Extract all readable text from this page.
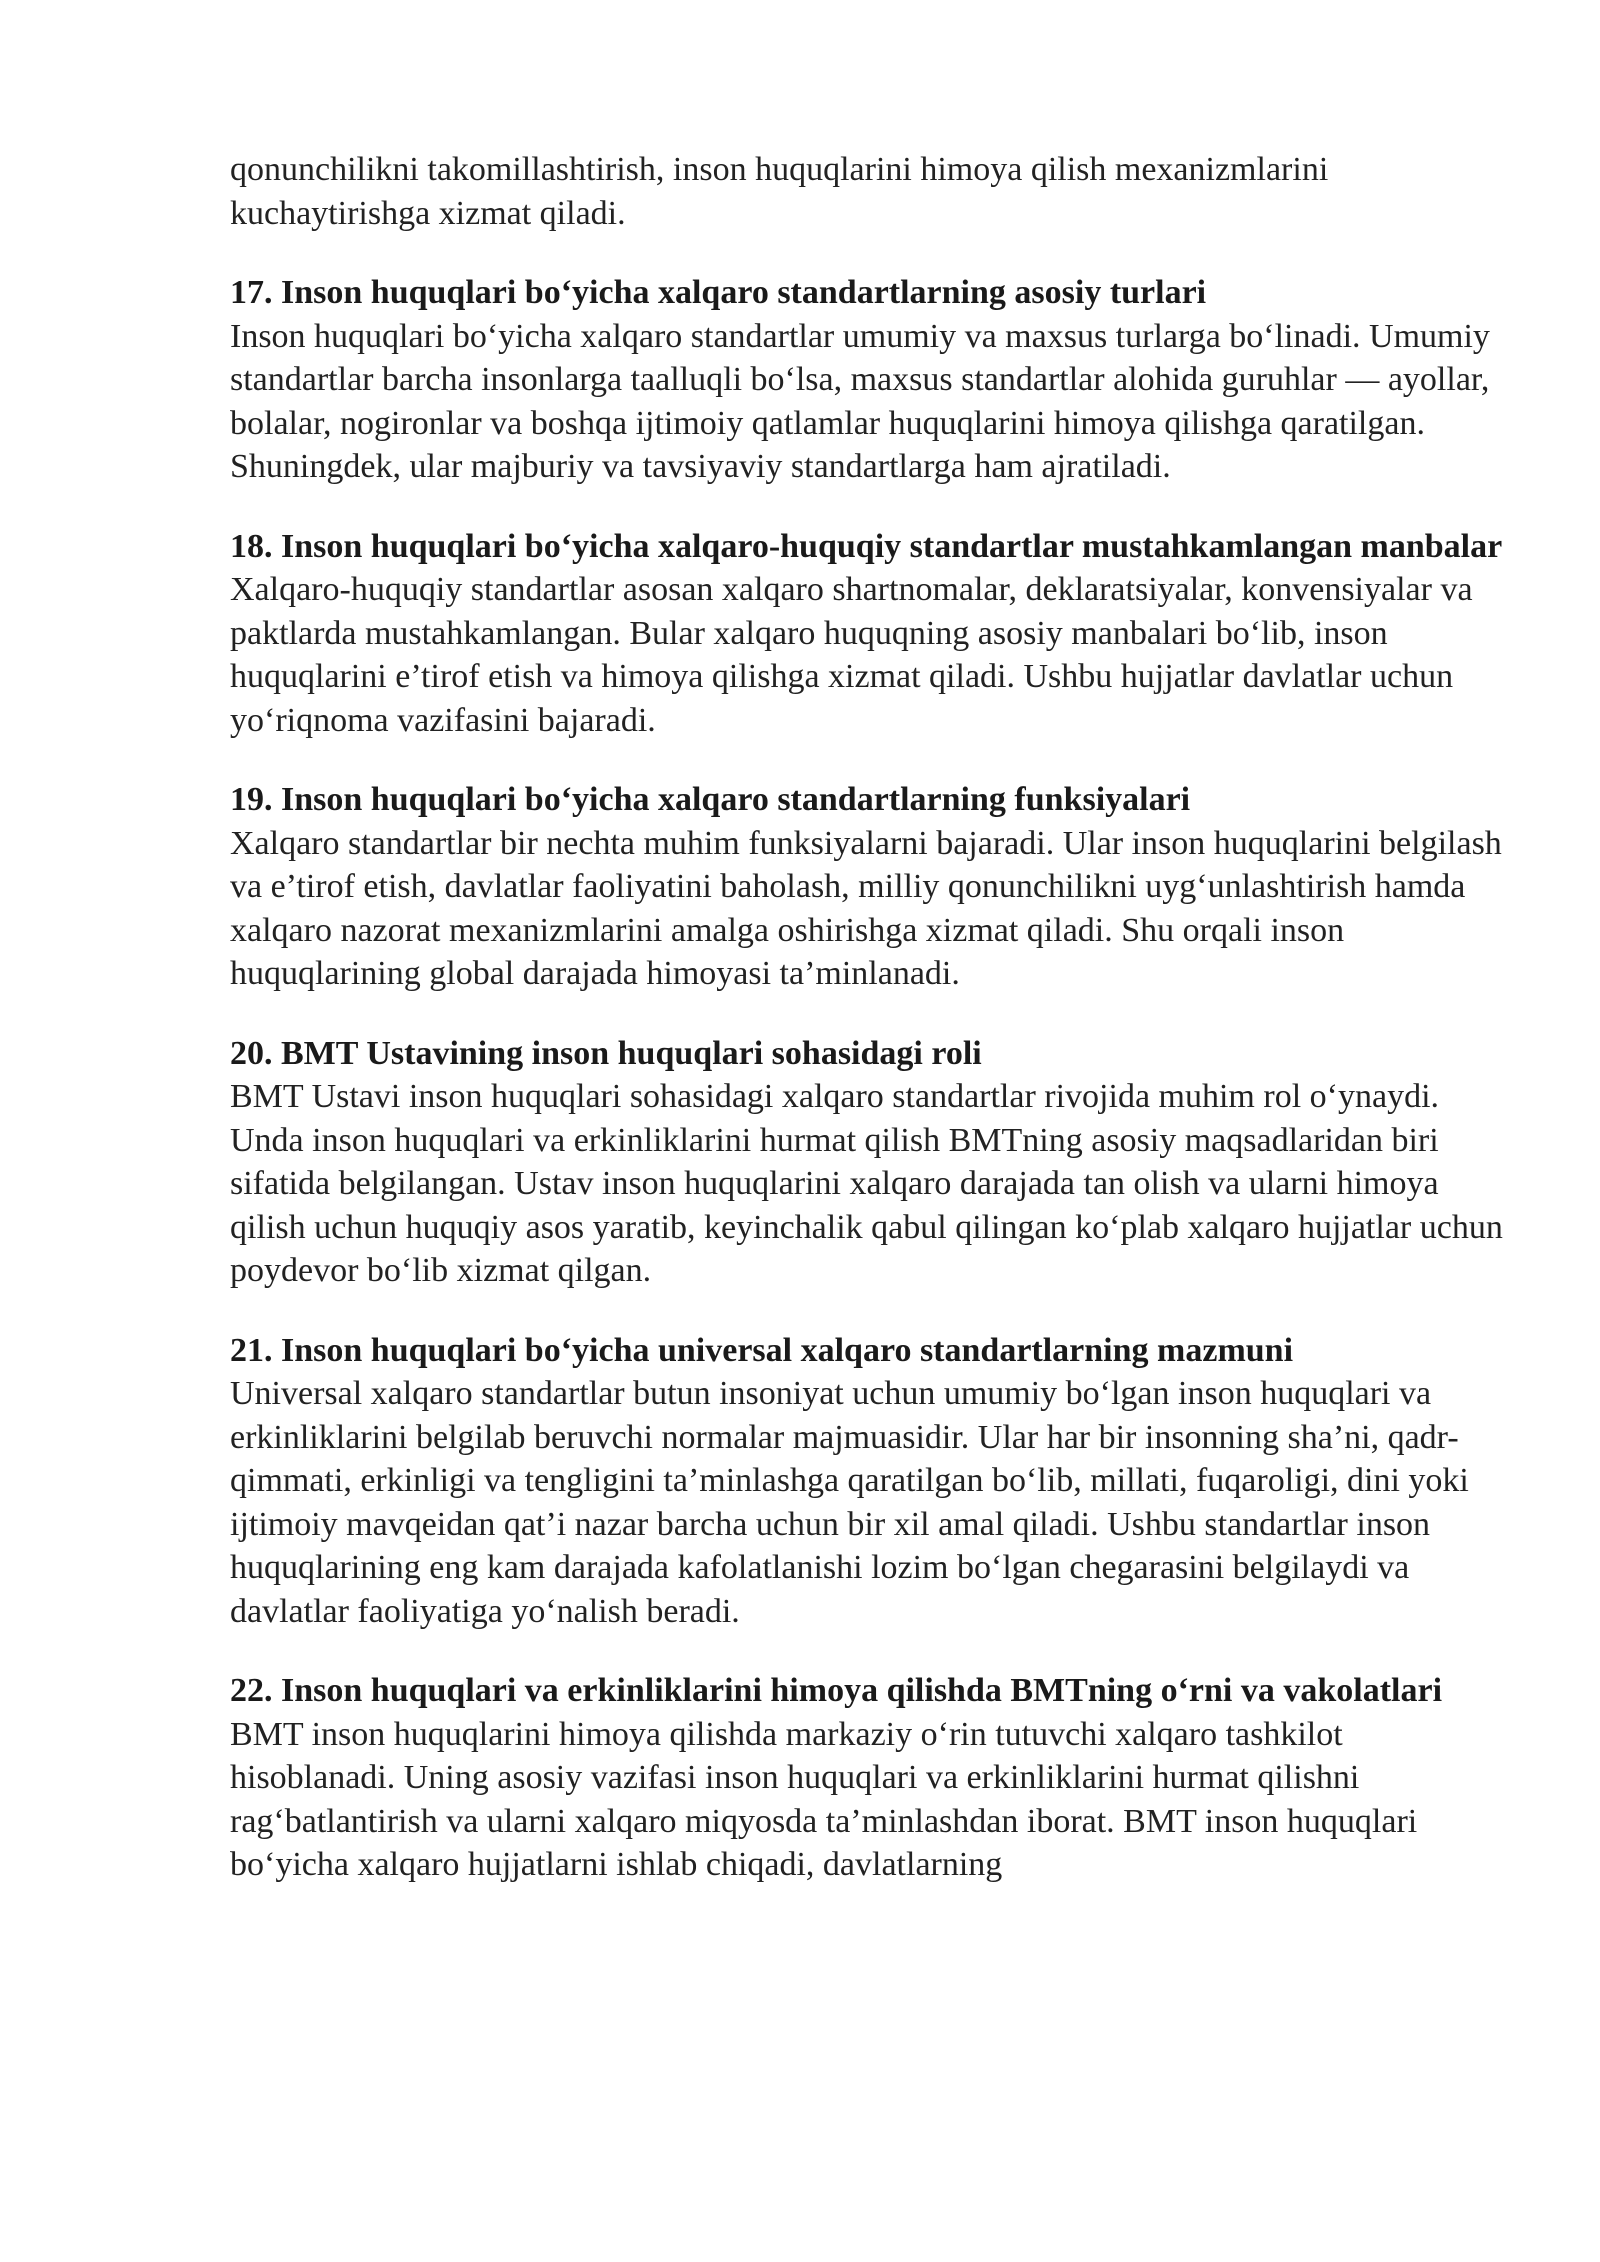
qonunchilikni takomillashtirish, inson huquqlarini himoya qilish mexanizmlarini kuchaytirishga xizmat qiladi.

17. Inson huquqlari bo‘yicha xalqaro standartlarning asosiy turlari

Inson huquqlari bo‘yicha xalqaro standartlar umumiy va maxsus turlarga bo‘linadi. Umumiy standartlar barcha insonlarga taalluqli bo‘lsa, maxsus standartlar alohida guruhlar — ayollar, bolalar, nogironlar va boshqa ijtimoiy qatlamlar huquqlarini himoya qilishga qaratilgan. Shuningdek, ular majburiy va tavsiyaviy standartlarga ham ajratiladi.

18. Inson huquqlari bo‘yicha xalqaro-huquqiy standartlar mustahkamlangan manbalar

Xalqaro-huquqiy standartlar asosan xalqaro shartnomalar, deklaratsiyalar, konvensiyalar va paktlarda mustahkamlangan. Bular xalqaro huquqning asosiy manbalari bo‘lib, inson huquqlarini e’tirof etish va himoya qilishga xizmat qiladi. Ushbu hujjatlar davlatlar uchun yo‘riqnoma vazifasini bajaradi.

19. Inson huquqlari bo‘yicha xalqaro standartlarning funksiyalari

Xalqaro standartlar bir nechta muhim funksiyalarni bajaradi. Ular inson huquqlarini belgilash va e’tirof etish, davlatlar faoliyatini baholash, milliy qonunchilikni uyg‘unlashtirish hamda xalqaro nazorat mexanizmlarini amalga oshirishga xizmat qiladi. Shu orqali inson huquqlarining global darajada himoyasi ta’minlanadi.

20. BMT Ustavining inson huquqlari sohasidagi roli

BMT Ustavi inson huquqlari sohasidagi xalqaro standartlar rivojida muhim rol o‘ynaydi. Unda inson huquqlari va erkinliklarini hurmat qilish BMTning asosiy maqsadlaridan biri sifatida belgilangan. Ustav inson huquqlarini xalqaro darajada tan olish va ularni himoya qilish uchun huquqiy asos yaratib, keyinchalik qabul qilingan ko‘plab xalqaro hujjatlar uchun poydevor bo‘lib xizmat qilgan.

21. Inson huquqlari bo‘yicha universal xalqaro standartlarning mazmuni

Universal xalqaro standartlar butun insoniyat uchun umumiy bo‘lgan inson huquqlari va erkinliklarini belgilab beruvchi normalar majmuasidir. Ular har bir insonning sha’ni, qadr-qimmati, erkinligi va tengligini ta’minlashga qaratilgan bo‘lib, millati, fuqaroligi, dini yoki ijtimoiy mavqeidan qat’i nazar barcha uchun bir xil amal qiladi. Ushbu standartlar inson huquqlarining eng kam darajada kafolatlanishi lozim bo‘lgan chegarasini belgilaydi va davlatlar faoliyatiga yo‘nalish beradi.

22. Inson huquqlari va erkinliklarini himoya qilishda BMTning o‘rni va vakolatlari

BMT inson huquqlarini himoya qilishda markaziy o‘rin tutuvchi xalqaro tashkilot hisoblanadi. Uning asosiy vazifasi inson huquqlari va erkinliklarini hurmat qilishni rag‘batlantirish va ularni xalqaro miqyosda ta’minlashdan iborat. BMT inson huquqlari bo‘yicha xalqaro hujjatlarni ishlab chiqadi, davlatlarning
